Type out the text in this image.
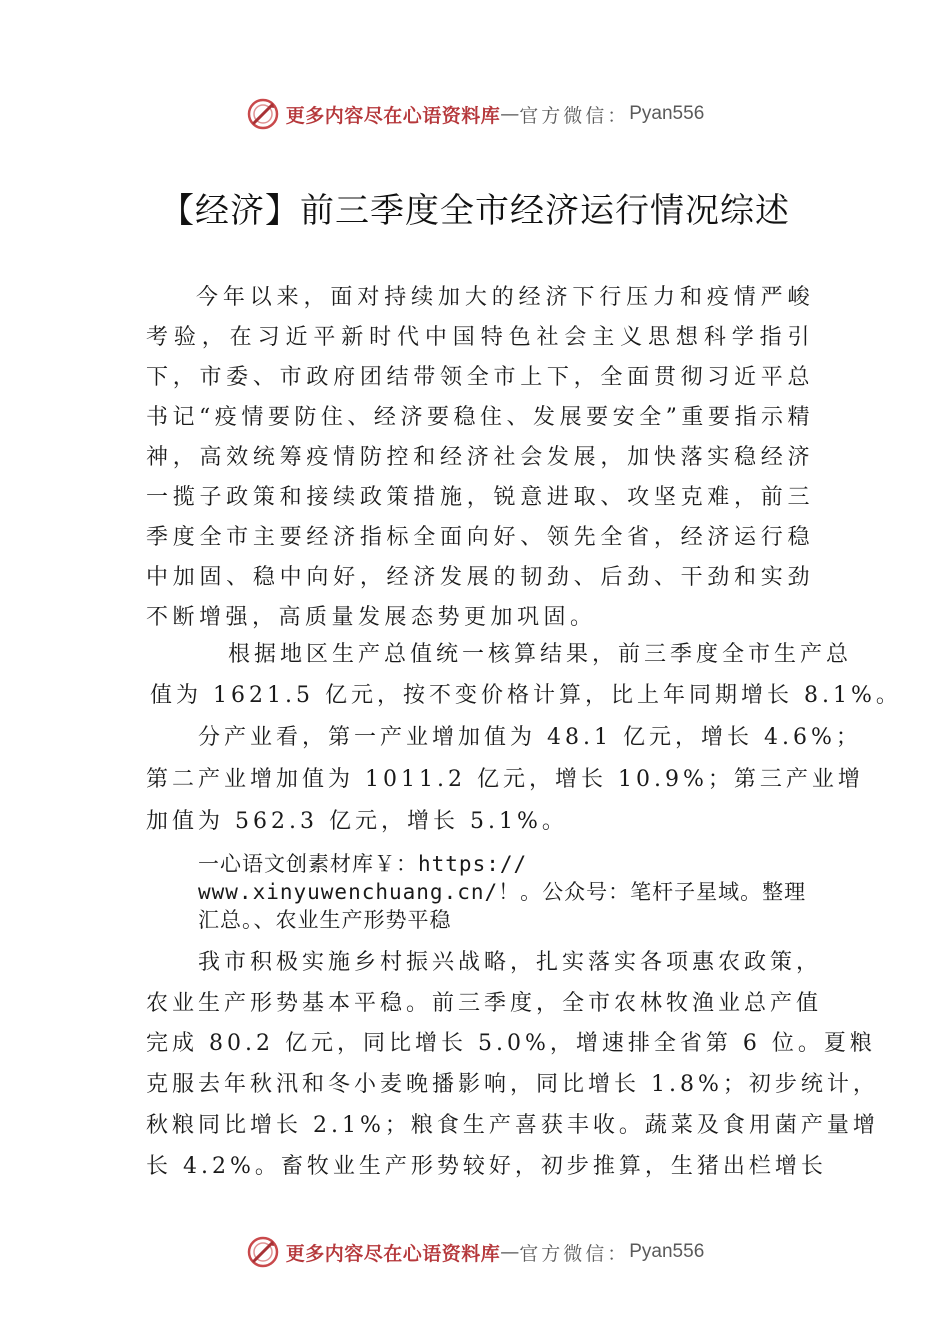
更多内容尽在心语资料库 — 官方微信： Pyan556
【经济】前三季度全市经济运行情况综述

今年以来，面对持续加大的经济下行压力和疫情严峻考验，在习近平新时代中国特色社会主义思想科学指引下，市委、市政府团结带领全市上下，全面贯彻习近平总书记“疫情要防住、经济要稳住、发展要安全”重要指示精神，高效统筹疫情防控和经济社会发展，加快落实稳经济一揽子政策和接续政策措施，锐意进取、攻坚克难，前三季度全市主要经济指标全面向好、领先全省，经济运行稳中加固、稳中向好，经济发展的韧劲、后劲、干劲和实劲不断增强，高质量发展态势更加巩固。

根据地区生产总值统一核算结果，前三季度全市生产总

值为 1621.5 亿元，按不变价格计算，比上年同期增长 8.1%。

分产业看，第一产业增加值为 48.1 亿元，增长 4.6%；

第二产业增加值为 1011.2 亿元，增长 10.9%；第三产业增

加值为 562.3 亿元，增长 5.1%。

一心语文创素材库￥：https://

www.xinyuwenchuang.cn/！。公众号：笔杆子星域。整理

汇总。、农业生产形势平稳

我市积极实施乡村振兴战略，扎实落实各项惠农政策，

农业生产形势基本平稳。前三季度，全市农林牧渔业总产值

完成 80.2 亿元，同比增长 5.0%，增速排全省第 6 位。夏粮

克服去年秋汛和冬小麦晚播影响，同比增长 1.8%；初步统计，

秋粮同比增长 2.1%；粮食生产喜获丰收。蔬菜及食用菌产量增

长 4.2%。畜牧业生产形势较好，初步推算，生猪出栏增长

更多内容尽在心语资料库 — 官方微信： Pyan556
